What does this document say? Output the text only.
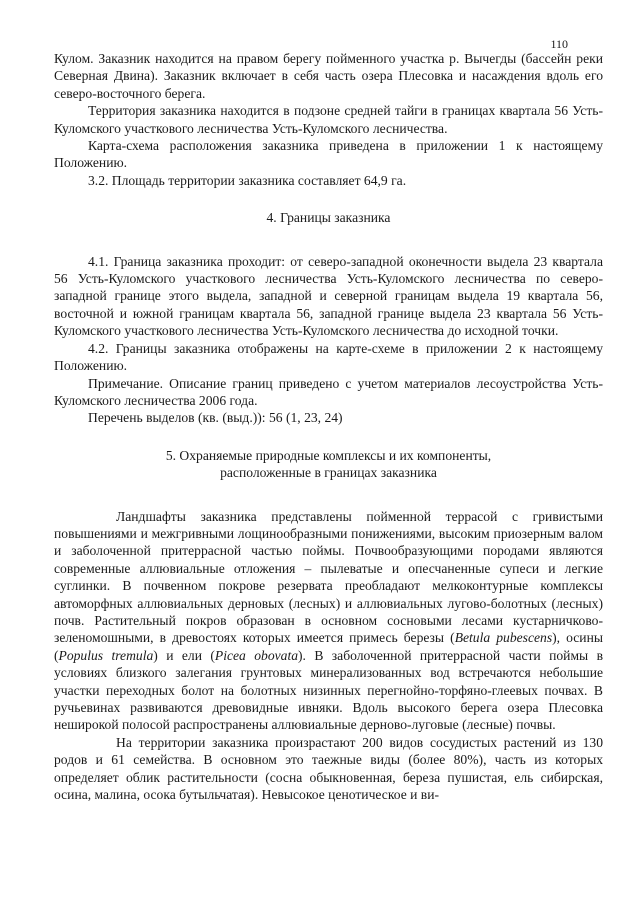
110

Кулом. Заказник находится на правом берегу пойменного участка р. Вычегды (бассейн реки Северная Двина). Заказник включает в себя часть озера Плесовка и насаждения вдоль его северо-восточного берега.

Территория заказника находится в подзоне средней тайги в границах квартала 56 Усть-Куломского участкового лесничества Усть-Куломского лесничества.

Карта-схема расположения заказника приведена в приложении 1 к настоящему Положению.

3.2. Площадь территории заказника составляет 64,9 га.

4. Границы заказника

4.1. Граница заказника проходит: от северо-западной оконечности выдела 23 квартала 56 Усть-Куломского участкового лесничества Усть-Куломского лесничества по северо-западной границе этого выдела, западной и северной границам выдела 19 квартала 56, восточной и южной границам квартала 56, западной границе выдела 23 квартала 56 Усть-Куломского участкового лесничества Усть-Куломского лесничества до исходной точки.

4.2. Границы заказника отображены на карте-схеме в приложении 2 к настоящему Положению.

Примечание. Описание границ приведено с учетом материалов лесоустройства Усть-Куломского лесничества 2006 года.

Перечень выделов (кв. (выд.)): 56 (1, 23, 24)

5. Охраняемые природные комплексы и их компоненты,
расположенные в границах заказника

Ландшафты заказника представлены пойменной террасой с гривистыми повышениями и межгривными лощинообразными понижениями, высоким приозерным валом и заболоченной притеррасной частью поймы. Почвообразующими породами являются современные аллювиальные отложения – пылеватые и опесчаненные супеси и легкие суглинки. В почвенном покрове резервата преобладают мелкоконтурные комплексы автоморфных аллювиальных дерновых (лесных) и аллювиальных лугово-болотных (лесных) почв. Растительный покров образован в основном сосновыми лесами кустарничково-зеленомошными, в древостоях которых имеется примесь березы (Betula pubescens), осины (Populus tremula) и ели (Picea obovata). В заболоченной притеррасной части поймы в условиях близкого залегания грунтовых минерализованных вод встречаются небольшие участки переходных болот на болотных низинных перегнойно-торфяно-глеевых почвах. В ручьевинах развиваются древовидные ивняки. Вдоль высокого берега озера Плесовка неширокой полосой распространены аллювиальные дерново-луговые (лесные) почвы.

На территории заказника произрастают 200 видов сосудистых растений из 130 родов и 61 семейства. В основном это таежные виды (более 80%), часть из которых определяет облик растительности (сосна обыкновенная, береза пушистая, ель сибирская, осина, малина, осока бутыльчатая). Невысокое ценотическое и ви-
